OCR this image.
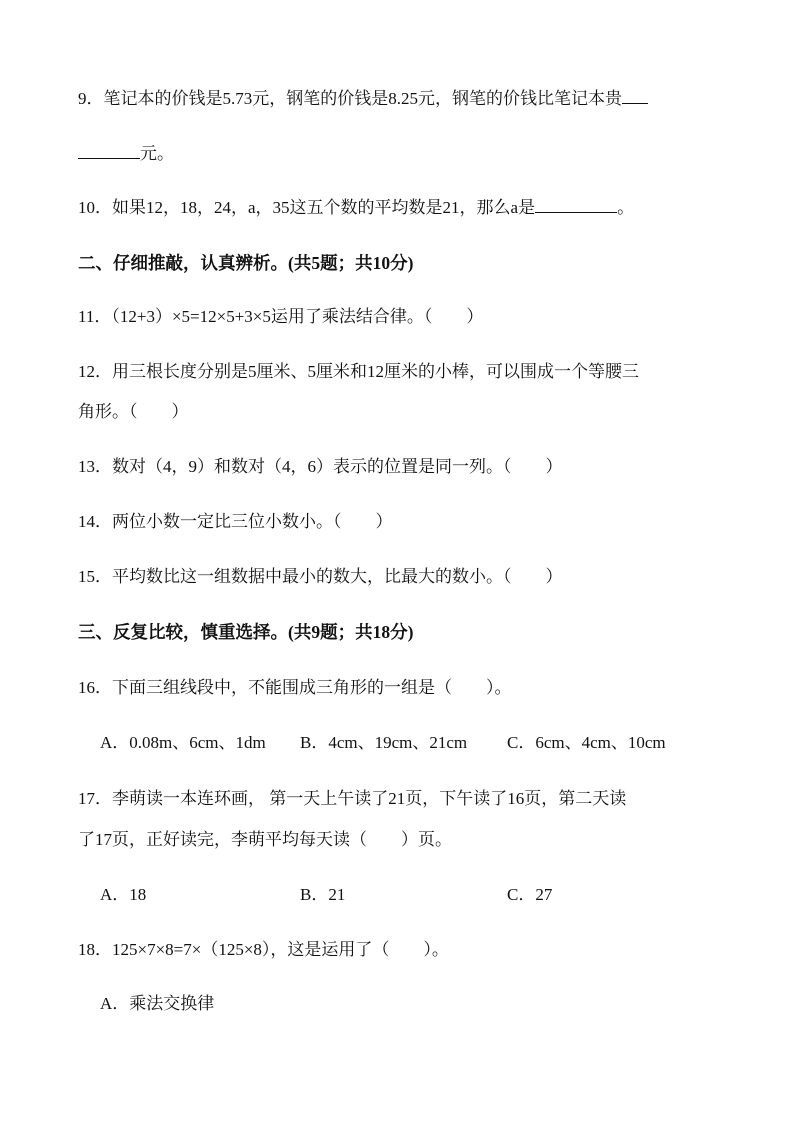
9．笔记本的价钱是5.73元，钢笔的价钱是8.25元，钢笔的价钱比笔记本贵
元。
10．如果12，18，24，a，35这五个数的平均数是21，那么a是	。
二、仔细推敲，认真辨析。(共5题；共10分)
11．（12+3）×5=12×5+3×5运用了乘法结合律。（　　）
12．用三根长度分别是5厘米、5厘米和12厘米的小棒，可以围成一个等腰三
角形。（　　）
13．数对（4，9）和数对（4，6）表示的位置是同一列。（　　）
14．两位小数一定比三位小数小。（　　）
15．平均数比这一组数据中最小的数大，比最大的数小。（　　）
三、反复比较，慎重选择。(共9题；共18分)
16．下面三组线段中，不能围成三角形的一组是（　　）。
A．0.08m、6cm、1dm B．4cm、19cm、21cm C．6cm、4cm、10cm
17．李萌读一本连环画， 第一天上午读了21页，下午读了16页，第二天读
了17页，正好读完，李萌平均每天读（　　）页。
A．18	B．21	C．27
18．125×7×8=7×（125×8），这是运用了（　　）。
A．乘法交换律
